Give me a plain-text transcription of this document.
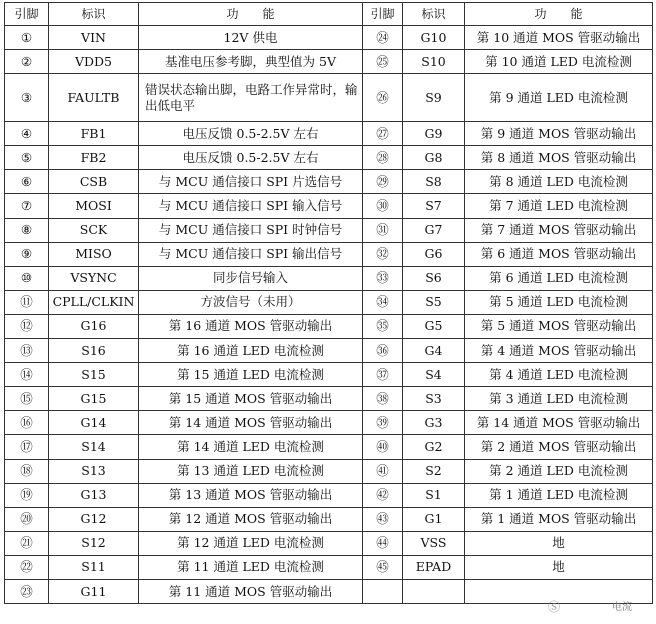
引脚	标识	功　　能	引脚	标识	功　　能
①	VIN	12V 供电	㉔	G10	第 10 通道 MOS 管驱动输出
②	VDD5	基准电压参考脚，典型值为 5V	㉕	S10	第 10 通道 LED 电流检测
③	FAULTB	错误状态输出脚，电路工作异常时，输出低电平	㉖	S9	第 9 通道 LED 电流检测
④	FB1	电压反馈 0.5-2.5V 左右	㉗	G9	第 9 通道 MOS 管驱动输出
⑤	FB2	电压反馈 0.5-2.5V 左右	㉘	G8	第 8 通道 MOS 管驱动输出
⑥	CSB	与 MCU 通信接口 SPI 片选信号	㉙	S8	第 8 通道 LED 电流检测
⑦	MOSI	与 MCU 通信接口 SPI 输入信号	㉚	S7	第 7 通道 LED 电流检测
⑧	SCK	与 MCU 通信接口 SPI 时钟信号	㉛	G7	第 7 通道 MOS 管驱动输出
⑨	MISO	与 MCU 通信接口 SPI 输出信号	㉜	G6	第 6 通道 MOS 管驱动输出
⑩	VSYNC	同步信号输入	㉝	S6	第 6 通道 LED 电流检测
⑪	CPLL/CLKIN	方波信号（未用）	㉞	S5	第 5 通道 LED 电流检测
⑫	G16	第 16 通道 MOS 管驱动输出	㉟	G5	第 5 通道 MOS 管驱动输出
⑬	S16	第 16 通道 LED 电流检测	㊱	G4	第 4 通道 MOS 管驱动输出
⑭	S15	第 15 通道 LED 电流检测	㊲	S4	第 4 通道 LED 电流检测
⑮	G15	第 15 通道 MOS 管驱动输出	㊳	S3	第 3 通道 LED 电流检测
⑯	G14	第 14 通道 MOS 管驱动输出	㊴	G3	第 14 通道 MOS 管驱动输出
⑰	S14	第 14 通道 LED 电流检测	㊵	G2	第 2 通道 MOS 管驱动输出
⑱	S13	第 13 通道 LED 电流检测	㊶	S2	第 2 通道 LED 电流检测
⑲	G13	第 13 通道 MOS 管驱动输出	㊷	S1	第 1 通道 LED 电流检测
⑳	G12	第 12 通道 MOS 管驱动输出	㊸	G1	第 1 通道 MOS 管驱动输出
㉑	S12	第 12 通道 LED 电流检测	㊹	VSS	地
㉒	S11	第 11 通道 LED 电流检测	㊺	EPAD	地
㉓	G11	第 11 通道 MOS 管驱动输出			
Ⓢ	电流
